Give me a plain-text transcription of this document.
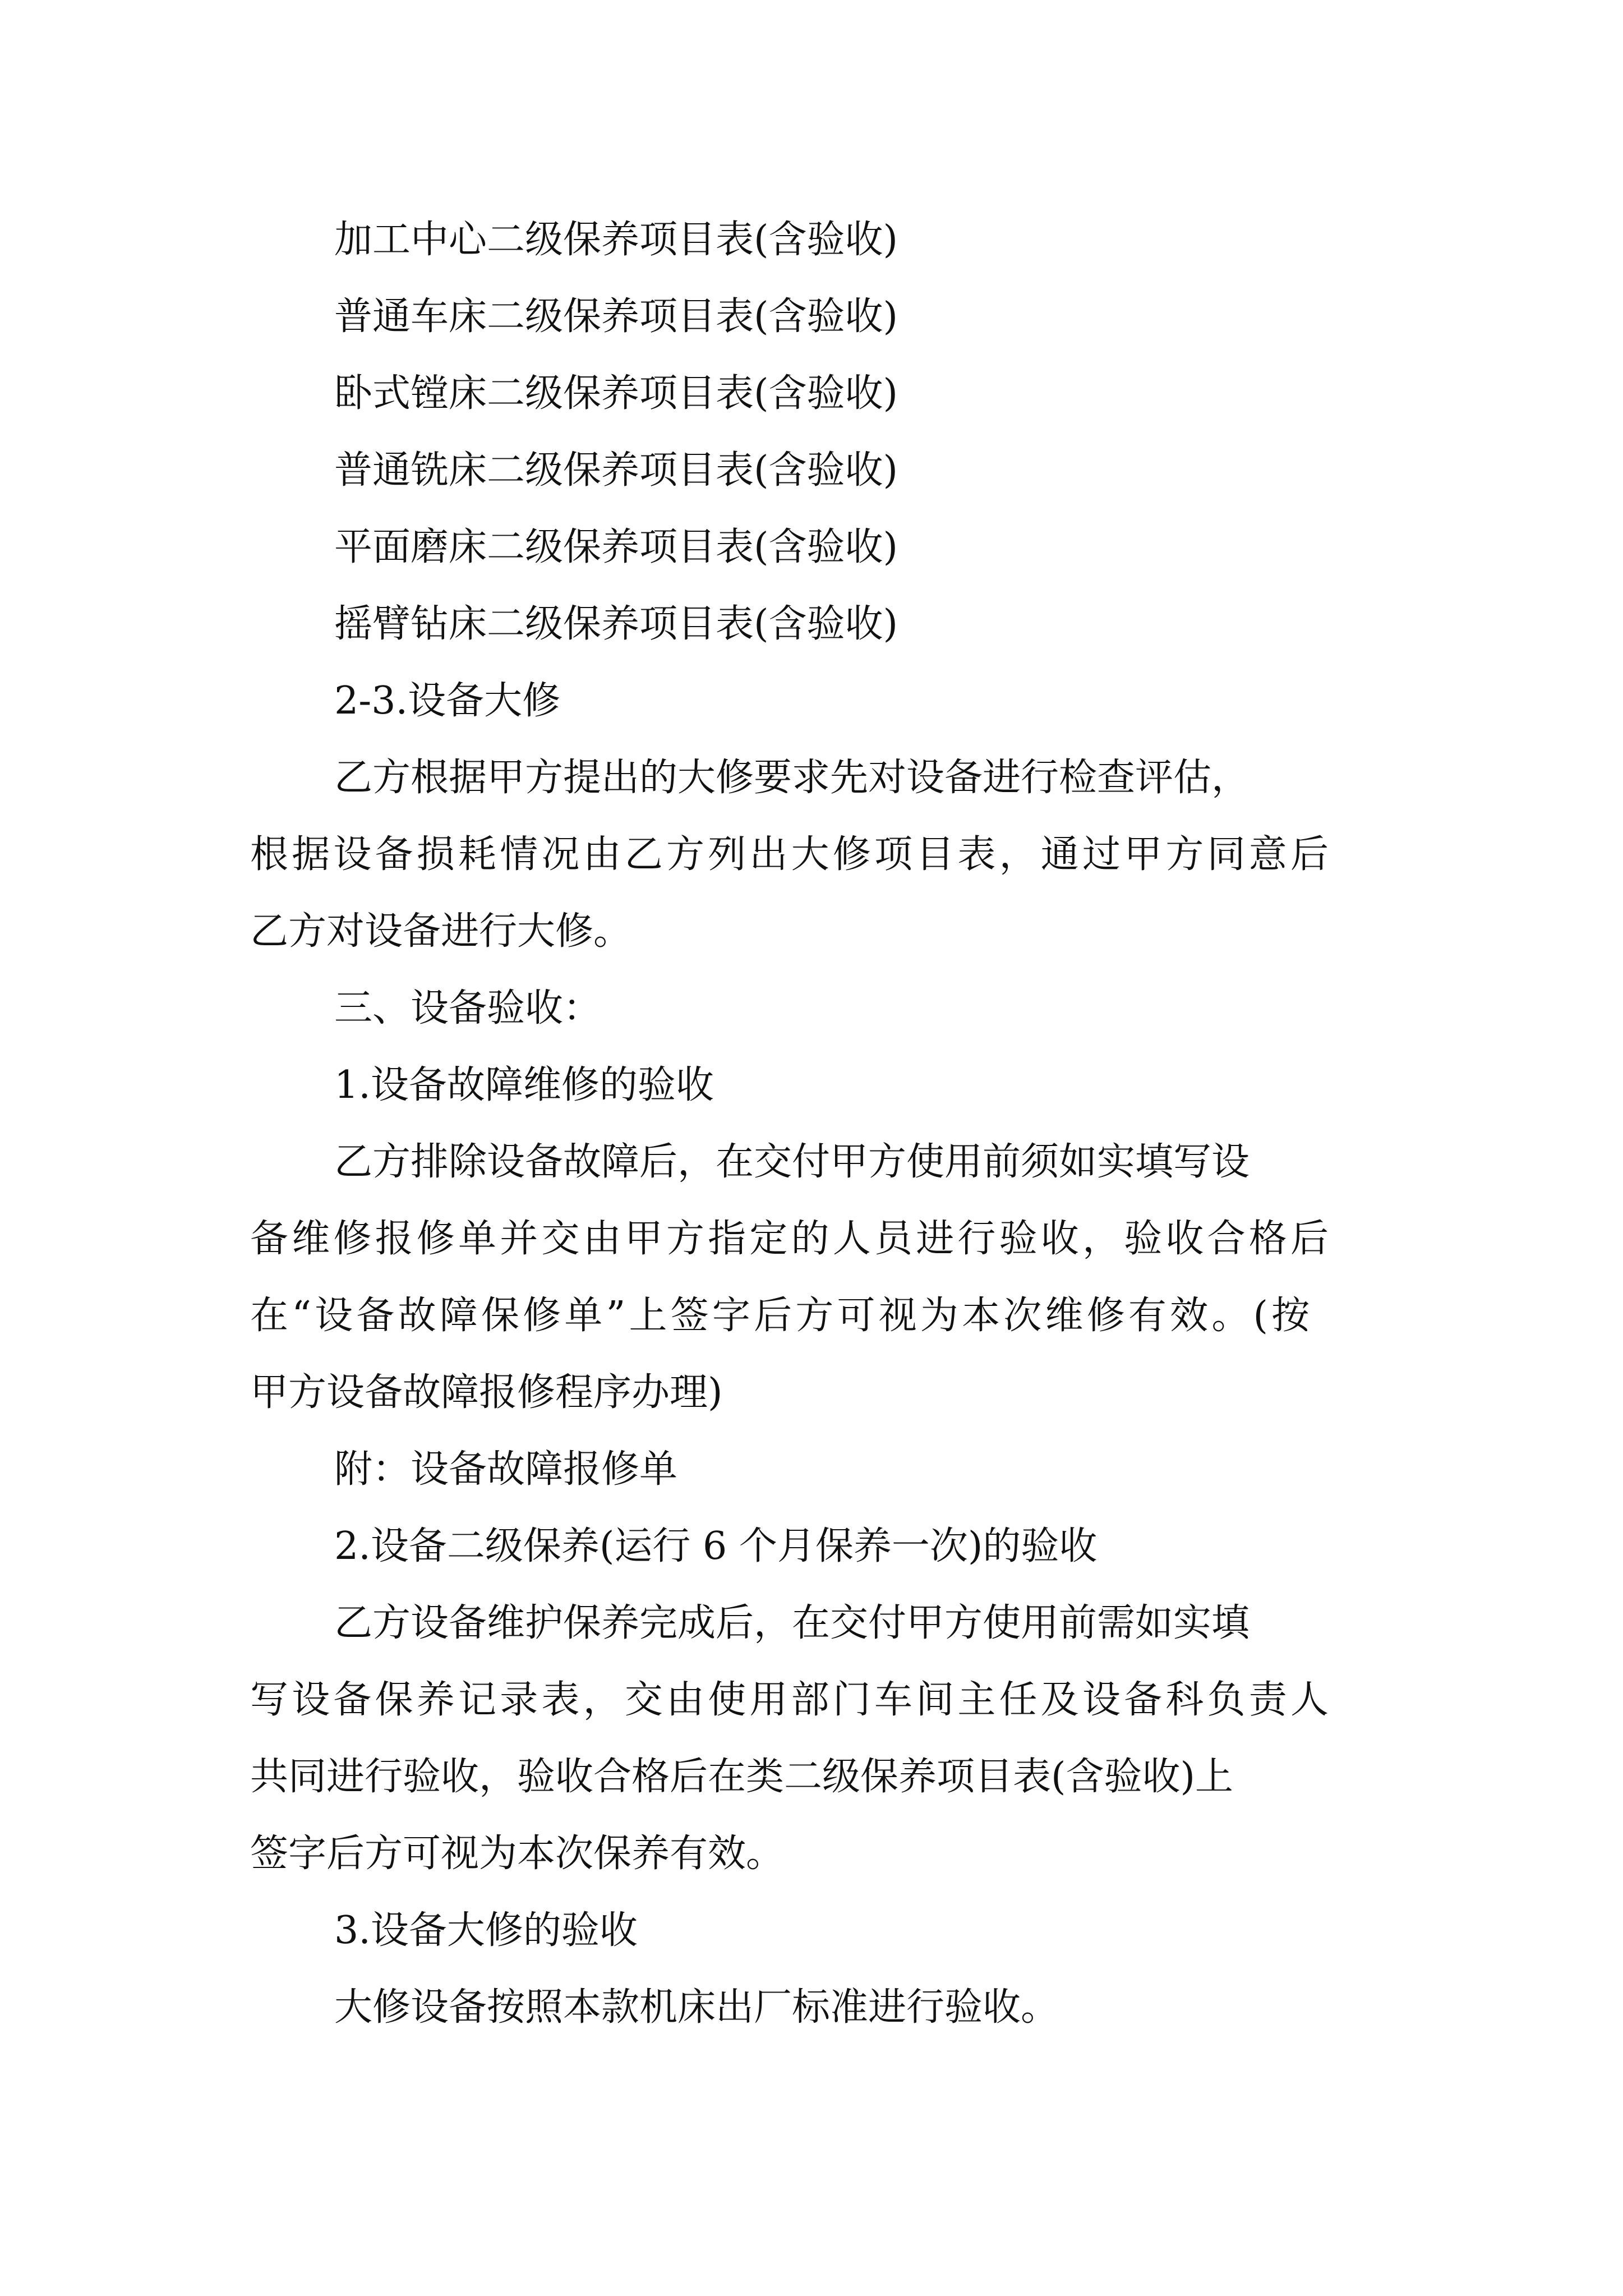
加工中心二级保养项目表(含验收)
普通车床二级保养项目表(含验收)
卧式镗床二级保养项目表(含验收)
普通铣床二级保养项目表(含验收)
平面磨床二级保养项目表(含验收)
摇臂钻床二级保养项目表(含验收)
2-3.设备大修
乙方根据甲方提出的大修要求先对设备进行检查评估，
根据设备损耗情况由乙方列出大修项目表，通过甲方同意后
乙方对设备进行大修。
三、设备验收：
1.设备故障维修的验收
乙方排除设备故障后，在交付甲方使用前须如实填写设
备维修报修单并交由甲方指定的人员进行验收，验收合格后
在“设备故障保修单”上签字后方可视为本次维修有效。(按
甲方设备故障报修程序办理)
附：设备故障报修单
2.设备二级保养(运行 6 个月保养一次)的验收
乙方设备维护保养完成后，在交付甲方使用前需如实填
写设备保养记录表，交由使用部门车间主任及设备科负责人
共同进行验收，验收合格后在类二级保养项目表(含验收)上
签字后方可视为本次保养有效。
3.设备大修的验收
大修设备按照本款机床出厂标准进行验收。
